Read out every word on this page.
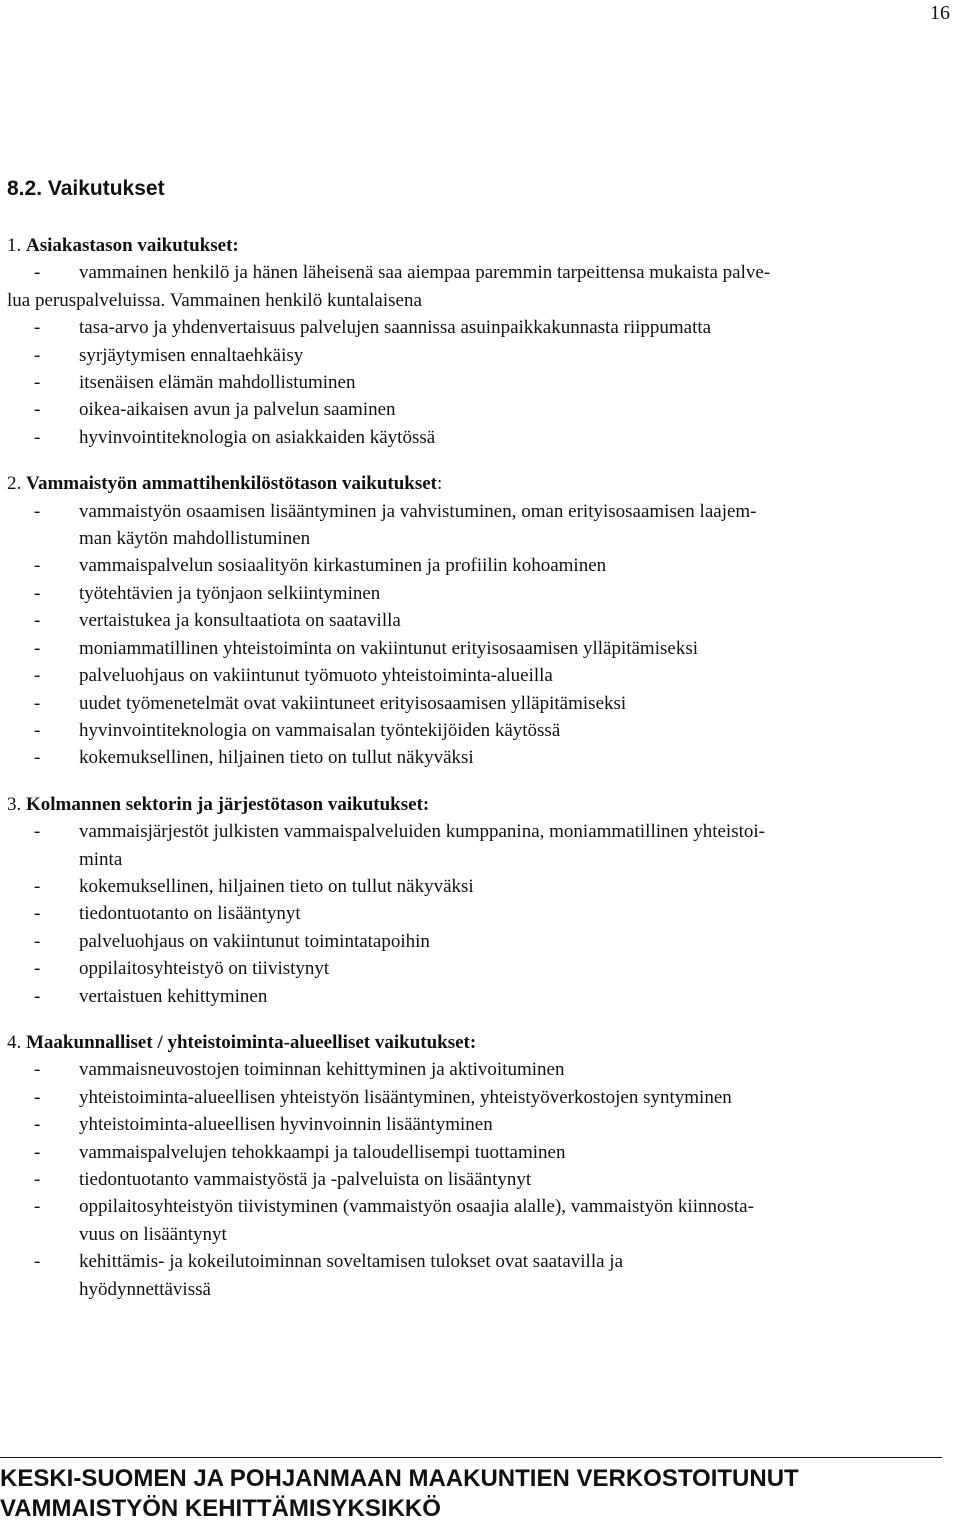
16
8.2. Vaikutukset

1. Asiakastason vaikutukset:

- vammainen henkilö ja hänen läheisenä saa aiempaa paremmin tarpeittensa mukaista palve-
lua peruspalveluissa. Vammainen henkilö kuntalaisena
- tasa-arvo ja yhdenvertaisuus palvelujen saannissa asuinpaikkakunnasta riippumatta
- syrjäytymisen ennaltaehkäisy
- itsenäisen elämän mahdollistuminen
- oikea-aikaisen avun ja palvelun saaminen
- hyvinvointiteknologia on asiakkaiden käytössä

2. Vammaistyön ammattihenkilöstötason vaikutukset:

- vammaistyön osaamisen lisääntyminen ja vahvistuminen, oman erityisosaamisen laajem-
man käytön mahdollistuminen
- vammaispalvelun sosiaalityön kirkastuminen ja profiilin kohoaminen
- työtehtävien ja työnjaon selkiintyminen
- vertaistukea ja konsultaatiota on saatavilla
- moniammatillinen yhteistoiminta on vakiintunut erityisosaamisen ylläpitämiseksi
- palveluohjaus on vakiintunut työmuoto yhteistoiminta-alueilla
- uudet työmenetelmät ovat vakiintuneet erityisosaamisen ylläpitämiseksi
- hyvinvointiteknologia on vammaisalan työntekijöiden käytössä
- kokemuksellinen, hiljainen tieto on tullut näkyväksi

3. Kolmannen sektorin ja järjestötason vaikutukset:

- vammaisjärjestöt julkisten vammaispalveluiden kumppanina, moniammatillinen yhteistoi-
minta
- kokemuksellinen, hiljainen tieto on tullut näkyväksi
- tiedontuotanto on lisääntynyt
- palveluohjaus on vakiintunut toimintatapoihin
- oppilaitosyhteistyö on tiivistynyt
- vertaistuen kehittyminen

4. Maakunnalliset / yhteistoiminta-alueelliset vaikutukset:

- vammaisneuvostojen toiminnan kehittyminen ja aktivoituminen
- yhteistoiminta-alueellisen yhteistyön lisääntyminen, yhteistyöverkostojen syntyminen
- yhteistoiminta-alueellisen hyvinvoinnin lisääntyminen
- vammaispalvelujen tehokkaampi ja taloudellisempi tuottaminen
- tiedontuotanto vammaistyöstä ja -palveluista on lisääntynyt
- oppilaitosyhteistyön tiivistyminen (vammaistyön osaajia alalle), vammaistyön kiinnosta-
vuus on lisääntynyt
- kehittämis- ja kokeilutoiminnan soveltamisen tulokset ovat saatavilla ja
hyödynnettävissä
KESKI-SUOMEN JA POHJANMAAN MAAKUNTIEN VERKOSTOITUNUT
VAMMAISTYÖN KEHITTÄMISYKSIKKÖ
